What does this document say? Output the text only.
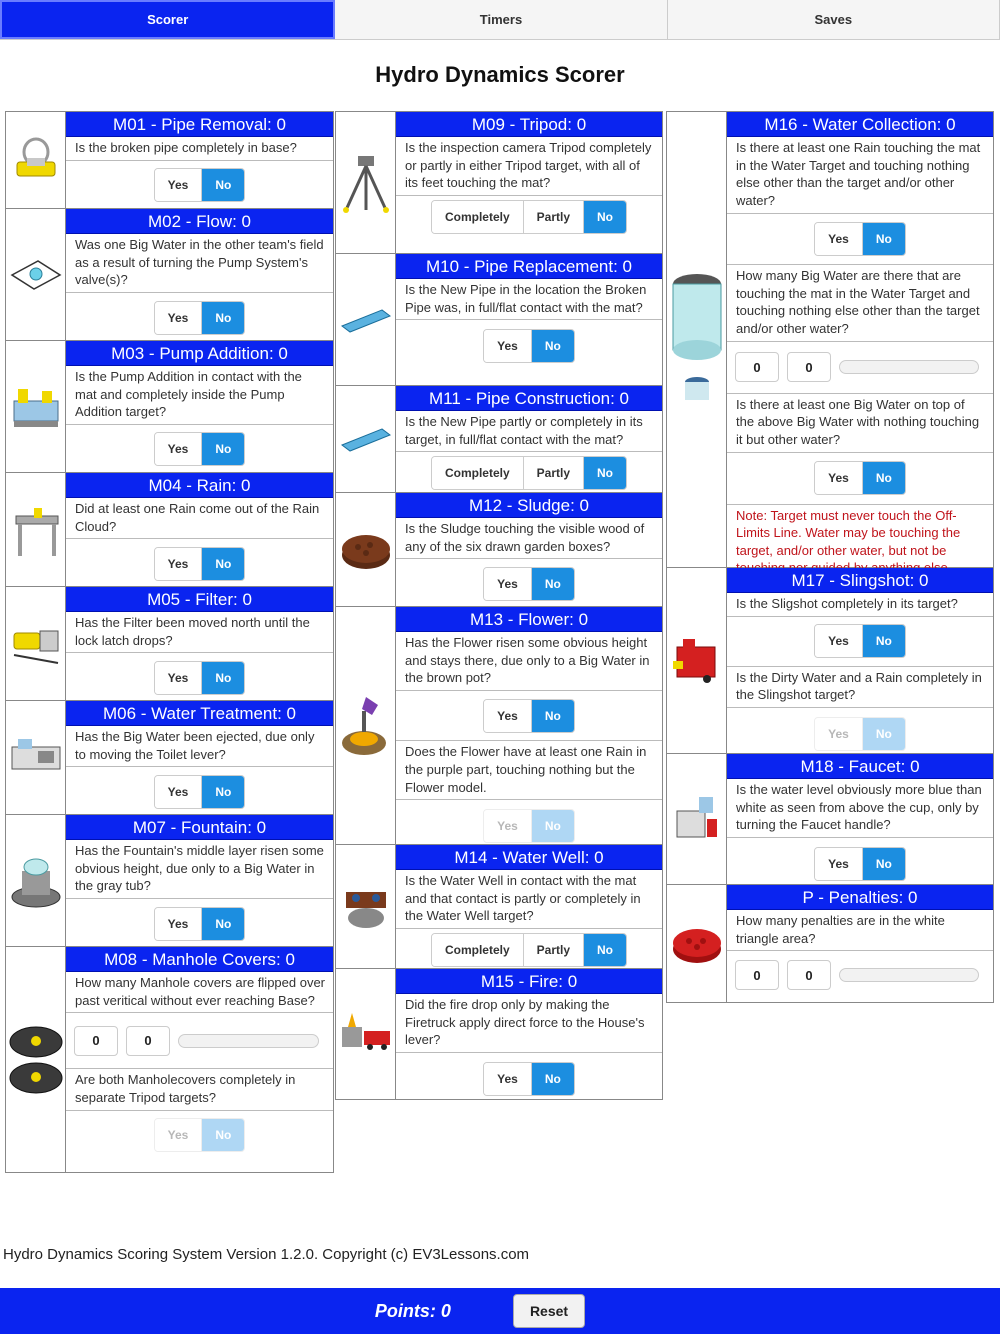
Scorer	Timers	Saves
Hydro Dynamics Scorer
M01 - Pipe Removal: 0
Is the broken pipe completely in base?
Yes	No
M02 - Flow: 0
Was one Big Water in the other team's field as a result of turning the Pump System's valve(s)?
Yes	No
M03 - Pump Addition: 0
Is the Pump Addition in contact with the mat and completely inside the Pump Addition target?
Yes	No
M04 - Rain: 0
Did at least one Rain come out of the Rain Cloud?
Yes	No
M05 - Filter: 0
Has the Filter been moved north until the lock latch drops?
Yes	No
M06 - Water Treatment: 0
Has the Big Water been ejected, due only to moving the Toilet lever?
Yes	No
M07 - Fountain: 0
Has the Fountain's middle layer risen some obvious height, due only to a Big Water in the gray tub?
Yes	No
M08 - Manhole Covers: 0
How many Manhole covers are flipped over past veritical without ever reaching Base?
0	0
Are both Manholecovers completely in separate Tripod targets?
Yes	No
M09 - Tripod: 0
Is the inspection camera Tripod completely or partly in either Tripod target, with all of its feet touching the mat?
Completely	Partly	No
M10 - Pipe Replacement: 0
Is the New Pipe in the location the Broken Pipe was, in full/flat contact with the mat?
Yes	No
M11 - Pipe Construction: 0
Is the New Pipe partly or completely in its target, in full/flat contact with the mat?
Completely	Partly	No
M12 - Sludge: 0
Is the Sludge touching the visible wood of any of the six drawn garden boxes?
Yes	No
M13 - Flower: 0
Has the Flower risen some obvious height and stays there, due only to a Big Water in the brown pot?
Yes	No
Does the Flower have at least one Rain in the purple part, touching nothing but the Flower model.
Yes	No
M14 - Water Well: 0
Is the Water Well in contact with the mat and that contact is partly or completely in the Water Well target?
Completely	Partly	No
M15 - Fire: 0
Did the fire drop only by making the Firetruck apply direct force to the House's lever?
Yes	No
M16 - Water Collection: 0
Is there at least one Rain touching the mat in the Water Target and touching nothing else other than the target and/or other water?
Yes	No
How many Big Water are there that are touching the mat in the Water Target and touching nothing else other than the target and/or other water?
0	0
Is there at least one Big Water on top of the above Big Water with nothing touching it but other water?
Yes	No
Note: Target must never touch the Off-Limits Line. Water may be touching the target, and/or other water, but not be
M17 - Slingshot: 0
Is the Sligshot completely in its target?
Yes	No
Is the Dirty Water and a Rain completely in the Slingshot target?
Yes	No
M18 - Faucet: 0
Is the water level obviously more blue than white as seen from above the cup, only by turning the Faucet handle?
Yes	No
P - Penalties: 0
How many penalties are in the white triangle area?
0	0
Hydro Dynamics Scoring System Version 1.2.0. Copyright (c) EV3Lessons.com
Points: 0	Reset
